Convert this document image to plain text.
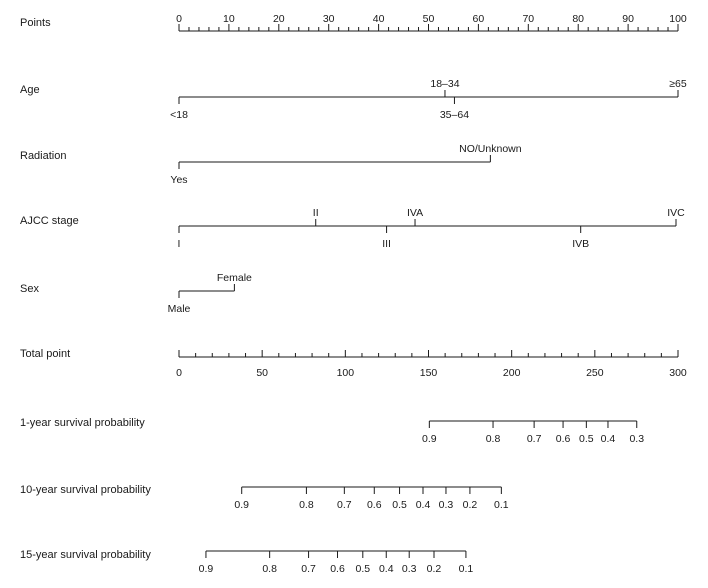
Points	0	10	20	30	40	50	60	70	80	90	100
Age
<18
18–34
35–64
≥65
Radiation
Yes
NO/Unknown
AJCC stage
I
II
III
IVA
IVB
IVC
Sex
Male
Female
Total point
0	50	100	150	200	250	300
1-year survival probability
0.9	0.8	0.7 0.6 0.5 0.4 0.3
10-year survival probability
0.9	0.8 0.7 0.6 0.5 0.4 0.3 0.2 0.1
15-year survival probability
0.9	0.8 0.7 0.6 0.5 0.4 0.3 0.2 0.1
